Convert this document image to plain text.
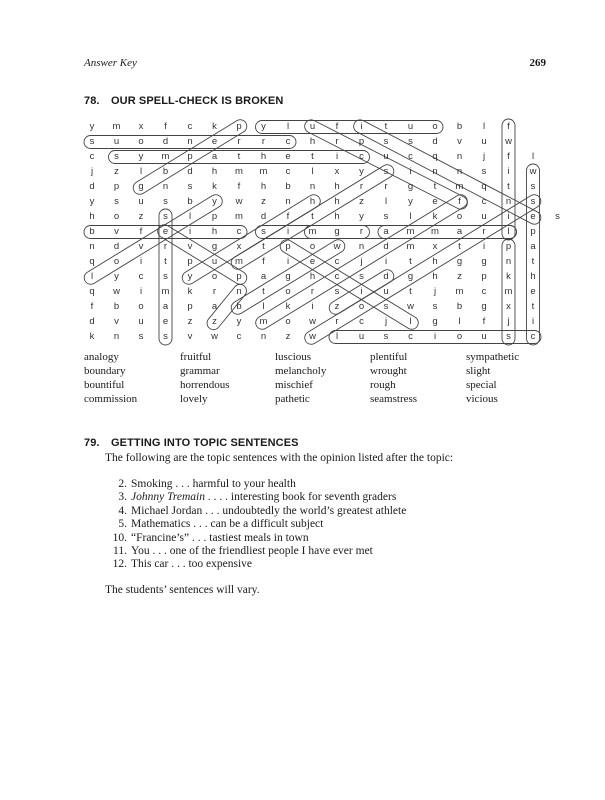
Answer Key	269
78. OUR SPELL-CHECK IS BROKEN
y	m	x	f	c	k	p	y	l	u	f	i	t	u	o	b	l	f
s	u	o	d	n	e	r	r	c	h	r	p	s	s	d	v	u	w
c	s	y	m	p	a	t	h	e	t	i	c	u	c	q	n	j	f	l
j	z	l	b	d	h	m	m	c	l	x	y	s	i	n	n	s	i	w
d	p	g	n	s	k	f	h	b	n	h	r	r	g	t	m	q	t	s
y	s	u	s	b	y	w	z	n	h	h	z	l	y	e	f	c	n	s
h	o	z	s	l	p	m	d	f	t	h	y	s	l	k	o	u	i	e	s
b	v	f	e	i	h	c	s	i	m	g	r	a	m	m	a	r	l	p
n	d	v	r	v	g	x	t	p	o	w	n	d	m	x	t	i	p	a
q	o	i	t	p	u	m	f	i	e	c	j	i	t	h	g	g	n	t
l	y	c	s	y	o	p	a	g	h	c	s	d	g	h	z	p	k	h
q	w	i	m	k	r	n	t	o	r	s	i	u	t	j	m	c	m	e
f	b	o	a	p	a	b	l	k	i	z	o	s	w	s	b	g	x	t
d	v	u	e	z	z	y	m	o	w	r	c	j	l	g	l	f	j	i
k	n	s	s	v	w	c	n	z	w	l	u	s	c	i	o	u	s	c
analogy
boundary
bountiful
commission
fruitful
grammar
horrendous
lovely
luscious
melancholy
mischief
pathetic
plentiful
wrought
rough
seamstress
sympathetic
slight
special
vicious
79. GETTING INTO TOPIC SENTENCES
The following are the topic sentences with the opinion listed after the topic:
2. Smoking . . . harmful to your health
3. Johnny Tremain . . . . interesting book for seventh graders
4. Michael Jordan . . . undoubtedly the world’s greatest athlete
5. Mathematics . . . can be a difficult subject
10. “Francine’s” . . . tastiest meals in town
11. You . . . one of the friendliest people I have ever met
12. This car . . . too expensive
The students’ sentences will vary.
